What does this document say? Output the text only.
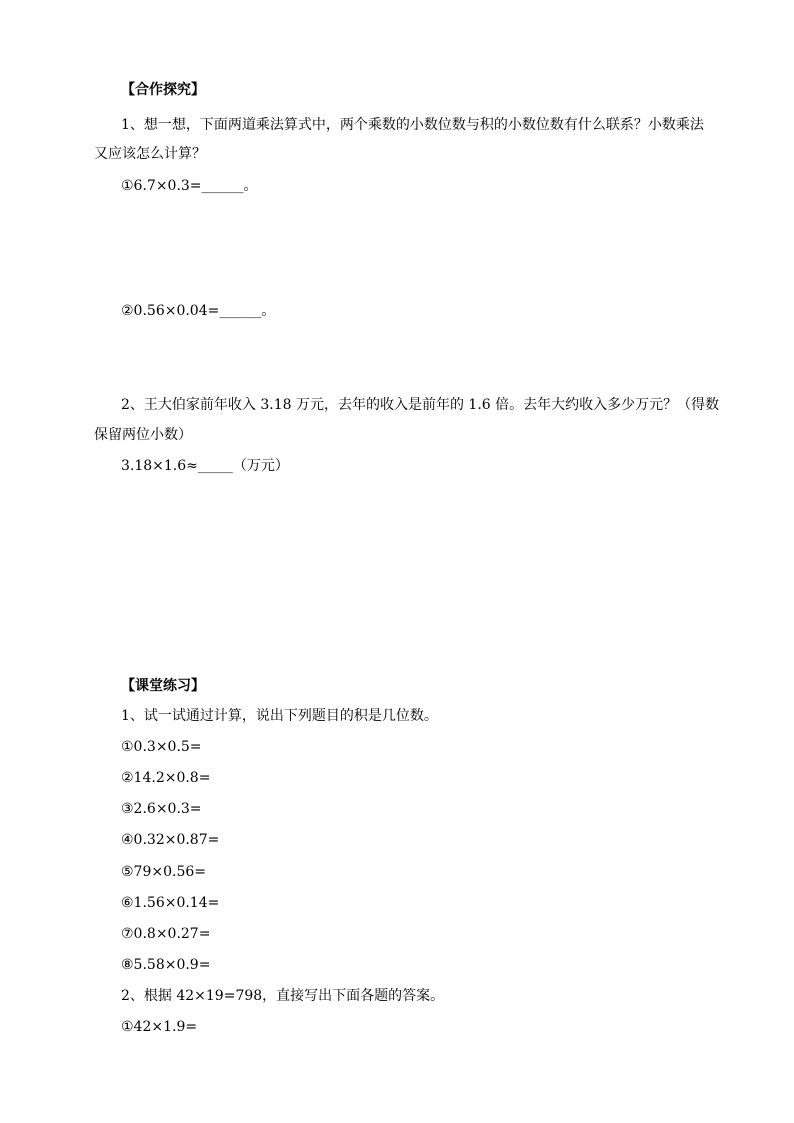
【合作探究】
1、想一想，下面两道乘法算式中，两个乘数的小数位数与积的小数位数有什么联系？小数乘法
又应该怎么计算？
①6.7×0.3=______。
②0.56×0.04=______。
2、王大伯家前年收入 3.18 万元，去年的收入是前年的 1.6 倍。去年大约收入多少万元？（得数
保留两位小数）
3.18×1.6≈_____（万元）
【课堂练习】
1、试一试通过计算，说出下列题目的积是几位数。
①0.3×0.5=
②14.2×0.8=
③2.6×0.3=
④0.32×0.87=
⑤79×0.56=
⑥1.56×0.14=
⑦0.8×0.27=
⑧5.58×0.9=
2、根据 42×19=798，直接写出下面各题的答案。
①42×1.9=
